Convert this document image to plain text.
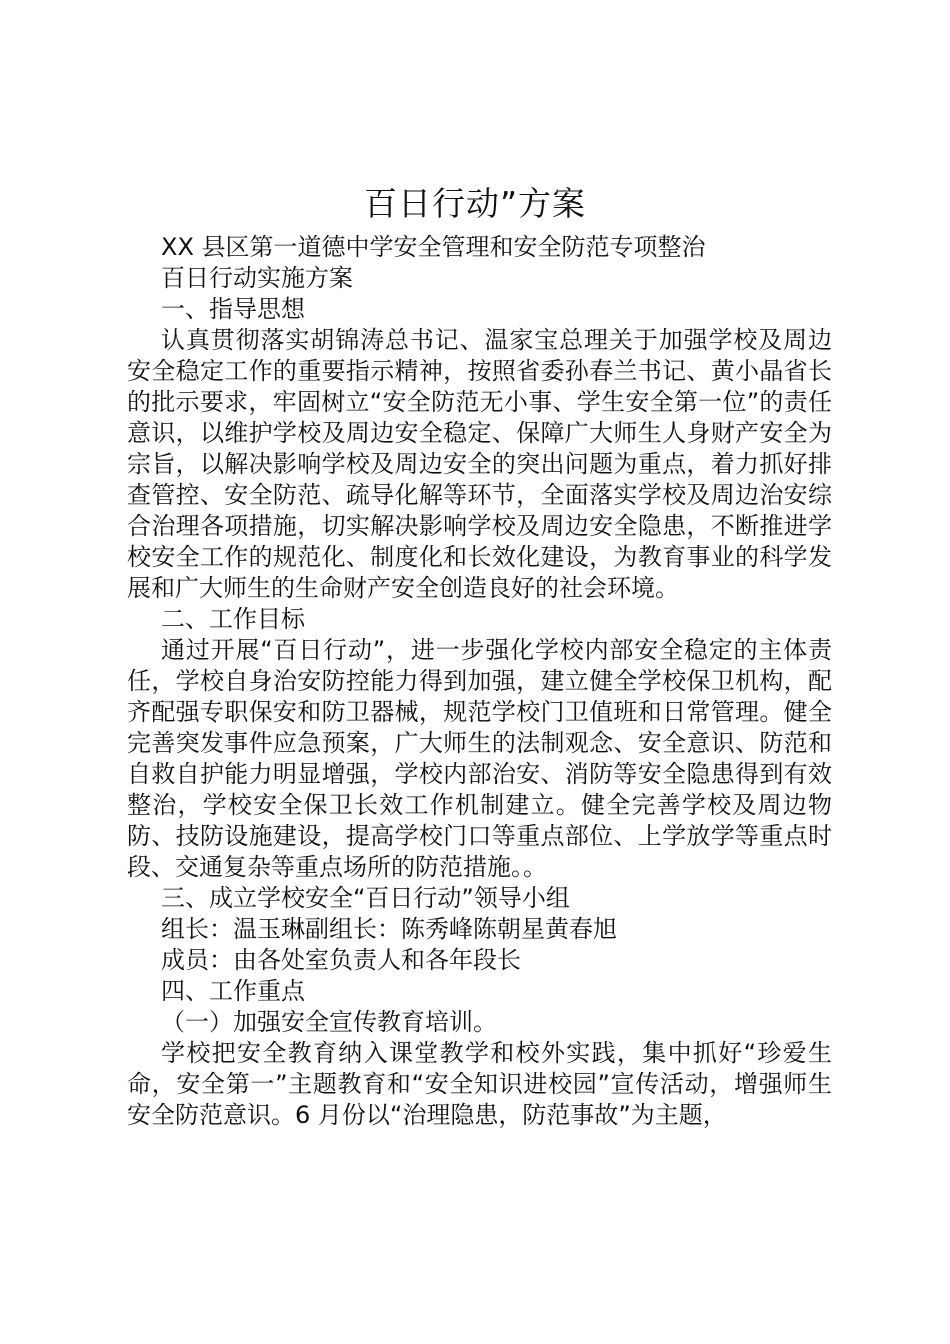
百日行动”方案

XX 县区第一道德中学安全管理和安全防范专项整治

百日行动实施方案

一、指导思想

认真贯彻落实胡锦涛总书记、温家宝总理关于加强学校及周边安全稳定工作的重要指示精神，按照省委孙春兰书记、黄小晶省长的批示要求，牢固树立“安全防范无小事、学生安全第一位”的责任意识，以维护学校及周边安全稳定、保障广大师生人身财产安全为宗旨，以解决影响学校及周边安全的突出问题为重点，着力抓好排查管控、安全防范、疏导化解等环节，全面落实学校及周边治安综合治理各项措施，切实解决影响学校及周边安全隐患，不断推进学校安全工作的规范化、制度化和长效化建设，为教育事业的科学发展和广大师生的生命财产安全创造良好的社会环境。

二、工作目标

通过开展“百日行动”，进一步强化学校内部安全稳定的主体责任，学校自身治安防控能力得到加强，建立健全学校保卫机构，配齐配强专职保安和防卫器械，规范学校门卫值班和日常管理。健全完善突发事件应急预案，广大师生的法制观念、安全意识、防范和自救自护能力明显增强，学校内部治安、消防等安全隐患得到有效整治，学校安全保卫长效工作机制建立。健全完善学校及周边物防、技防设施建设，提高学校门口等重点部位、上学放学等重点时段、交通复杂等重点场所的防范措施。。

三、成立学校安全“百日行动”领导小组

组长：温玉琳副组长：陈秀峰陈朝星黄春旭

成员：由各处室负责人和各年段长

四、工作重点

（一）加强安全宣传教育培训。

学校把安全教育纳入课堂教学和校外实践，集中抓好“珍爱生命，安全第一”主题教育和“安全知识进校园”宣传活动，增强师生安全防范意识。6 月份以“治理隐患，防范事故”为主题，
